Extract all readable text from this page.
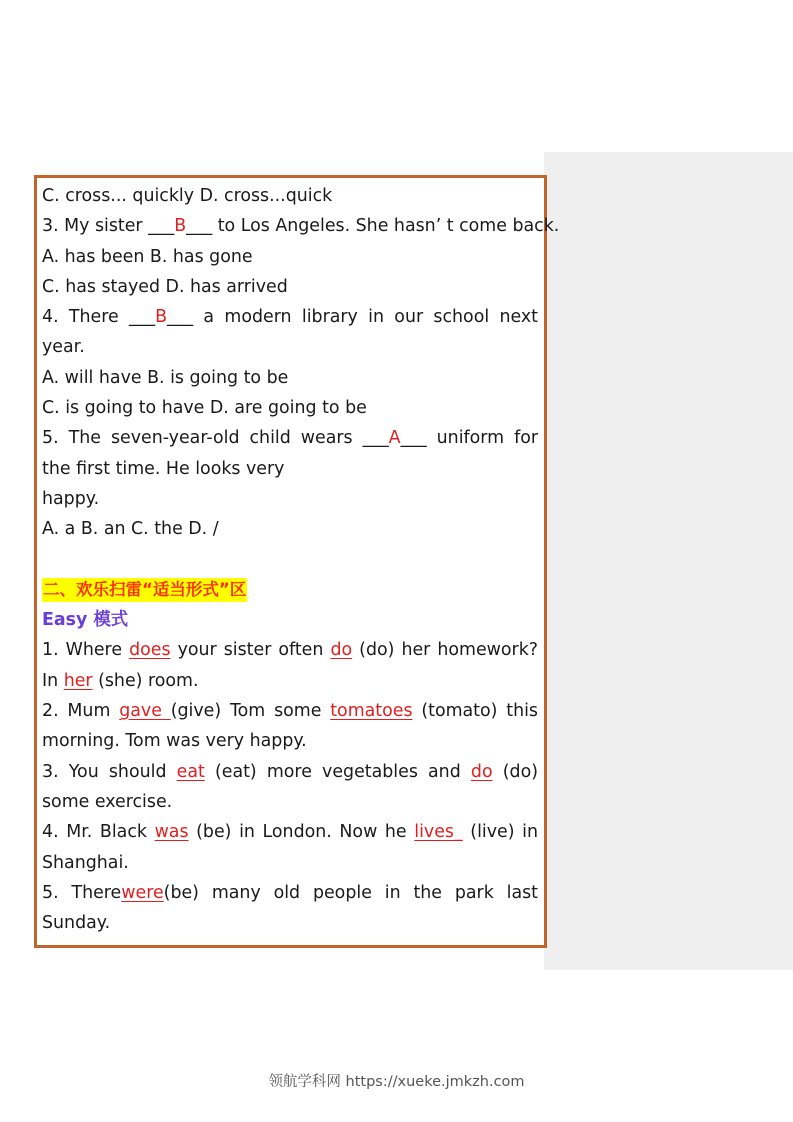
C. cross... quickly D. cross...quick
3. My sister ___B___ to Los Angeles. She hasn’ t come back.
A. has been B. has gone
C. has stayed D. has arrived
4. There ___B___ a modern library in our school next
year.
A. will have B. is going to be
C. is going to have D. are going to be
5. The seven-year-old child wears ___A___ uniform for
the first time. He looks very
happy.
A. a B. an C. the D. /
二、欢乐扫雷“适当形式”区
Easy 模式
1. Where does your sister often do (do) her homework?
In her (she) room.
2. Mum gave (give) Tom some tomatoes (tomato) this
morning. Tom was very happy.
3. You should eat (eat) more vegetables and do (do)
some exercise.
4. Mr. Black was (be) in London. Now he lives_ (live) in
Shanghai.
5. Therewere(be) many old people in the park last
Sunday.
领航学科网 https://xueke.jmkzh.com
